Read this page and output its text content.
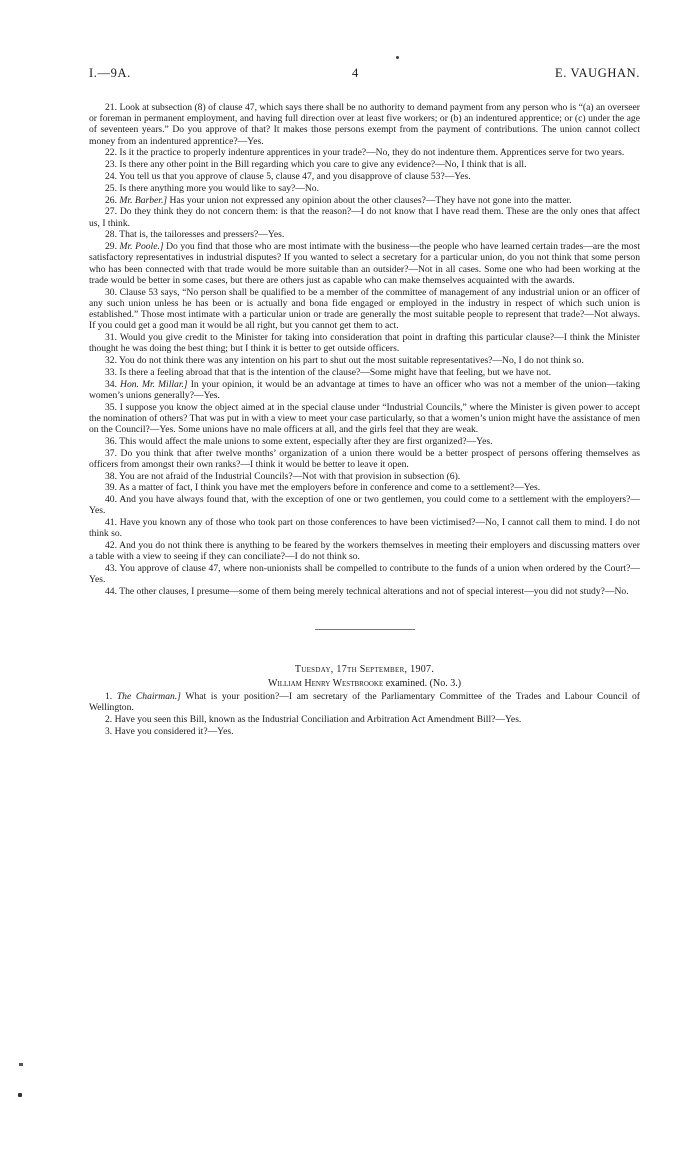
I.—9A.	4	E. VAUGHAN.

21. Look at subsection (8) of clause 47, which says there shall be no authority to demand payment from any person who is “(a) an overseer or foreman in permanent employment, and having full direction over at least five workers; or (b) an indentured apprentice; or (c) under the age of seventeen years.” Do you approve of that? It makes those persons exempt from the payment of contributions. The union cannot collect money from an indentured apprentice?—Yes.

22. Is it the practice to properly indenture apprentices in your trade?—No, they do not indenture them. Apprentices serve for two years.

23. Is there any other point in the Bill regarding which you care to give any evidence?—No, I think that is all.

24. You tell us that you approve of clause 5, clause 47, and you disapprove of clause 53?—Yes.

25. Is there anything more you would like to say?—No.

26. Mr. Barber.] Has your union not expressed any opinion about the other clauses?—They have not gone into the matter.

27. Do they think they do not concern them: is that the reason?—I do not know that I have read them. These are the only ones that affect us, I think.

28. That is, the tailoresses and pressers?—Yes.

29. Mr. Poole.] Do you find that those who are most intimate with the business—the people who have learned certain trades—are the most satisfactory representatives in industrial disputes? If you wanted to select a secretary for a particular union, do you not think that some person who has been connected with that trade would be more suitable than an outsider?—Not in all cases. Some one who had been working at the trade would be better in some cases, but there are others just as capable who can make themselves acquainted with the awards.

30. Clause 53 says, “No person shall be qualified to be a member of the committee of management of any industrial union or an officer of any such union unless he has been or is actually and bona fide engaged or employed in the industry in respect of which such union is established.” Those most intimate with a particular union or trade are generally the most suitable people to represent that trade?—Not always. If you could get a good man it would be all right, but you cannot get them to act.

31. Would you give credit to the Minister for taking into consideration that point in drafting this particular clause?—I think the Minister thought he was doing the best thing; but I think it is better to get outside officers.

32. You do not think there was any intention on his part to shut out the most suitable representatives?—No, I do not think so.

33. Is there a feeling abroad that that is the intention of the clause?—Some might have that feeling, but we have not.

34. Hon. Mr. Millar.] In your opinion, it would be an advantage at times to have an officer who was not a member of the union—taking women’s unions generally?—Yes.

35. I suppose you know the object aimed at in the special clause under “Industrial Councils,” where the Minister is given power to accept the nomination of others? That was put in with a view to meet your case particularly, so that a women’s union might have the assistance of men on the Council?—Yes. Some unions have no male officers at all, and the girls feel that they are weak.

36. This would affect the male unions to some extent, especially after they are first organized?—Yes.

37. Do you think that after twelve months’ organization of a union there would be a better prospect of persons offering themselves as officers from amongst their own ranks?—I think it would be better to leave it open.

38. You are not afraid of the Industrial Councils?—Not with that provision in subsection (6).

39. As a matter of fact, I think you have met the employers before in conference and come to a settlement?—Yes.

40. And you have always found that, with the exception of one or two gentlemen, you could come to a settlement with the employers?—Yes.

41. Have you known any of those who took part on those conferences to have been victimised?—No, I cannot call them to mind. I do not think so.

42. And you do not think there is anything to be feared by the workers themselves in meeting their employers and discussing matters over a table with a view to seeing if they can conciliate?—I do not think so.

43. You approve of clause 47, where non-unionists shall be compelled to contribute to the funds of a union when ordered by the Court?—Yes.

44. The other clauses, I presume—some of them being merely technical alterations and not of special interest—you did not study?—No.

Tuesday, 17th September, 1907.

William Henry Westbrooke examined. (No. 3.)

1. The Chairman.] What is your position?—I am secretary of the Parliamentary Committee of the Trades and Labour Council of Wellington.

2. Have you seen this Bill, known as the Industrial Conciliation and Arbitration Act Amendment Bill?—Yes.

3. Have you considered it?—Yes.
